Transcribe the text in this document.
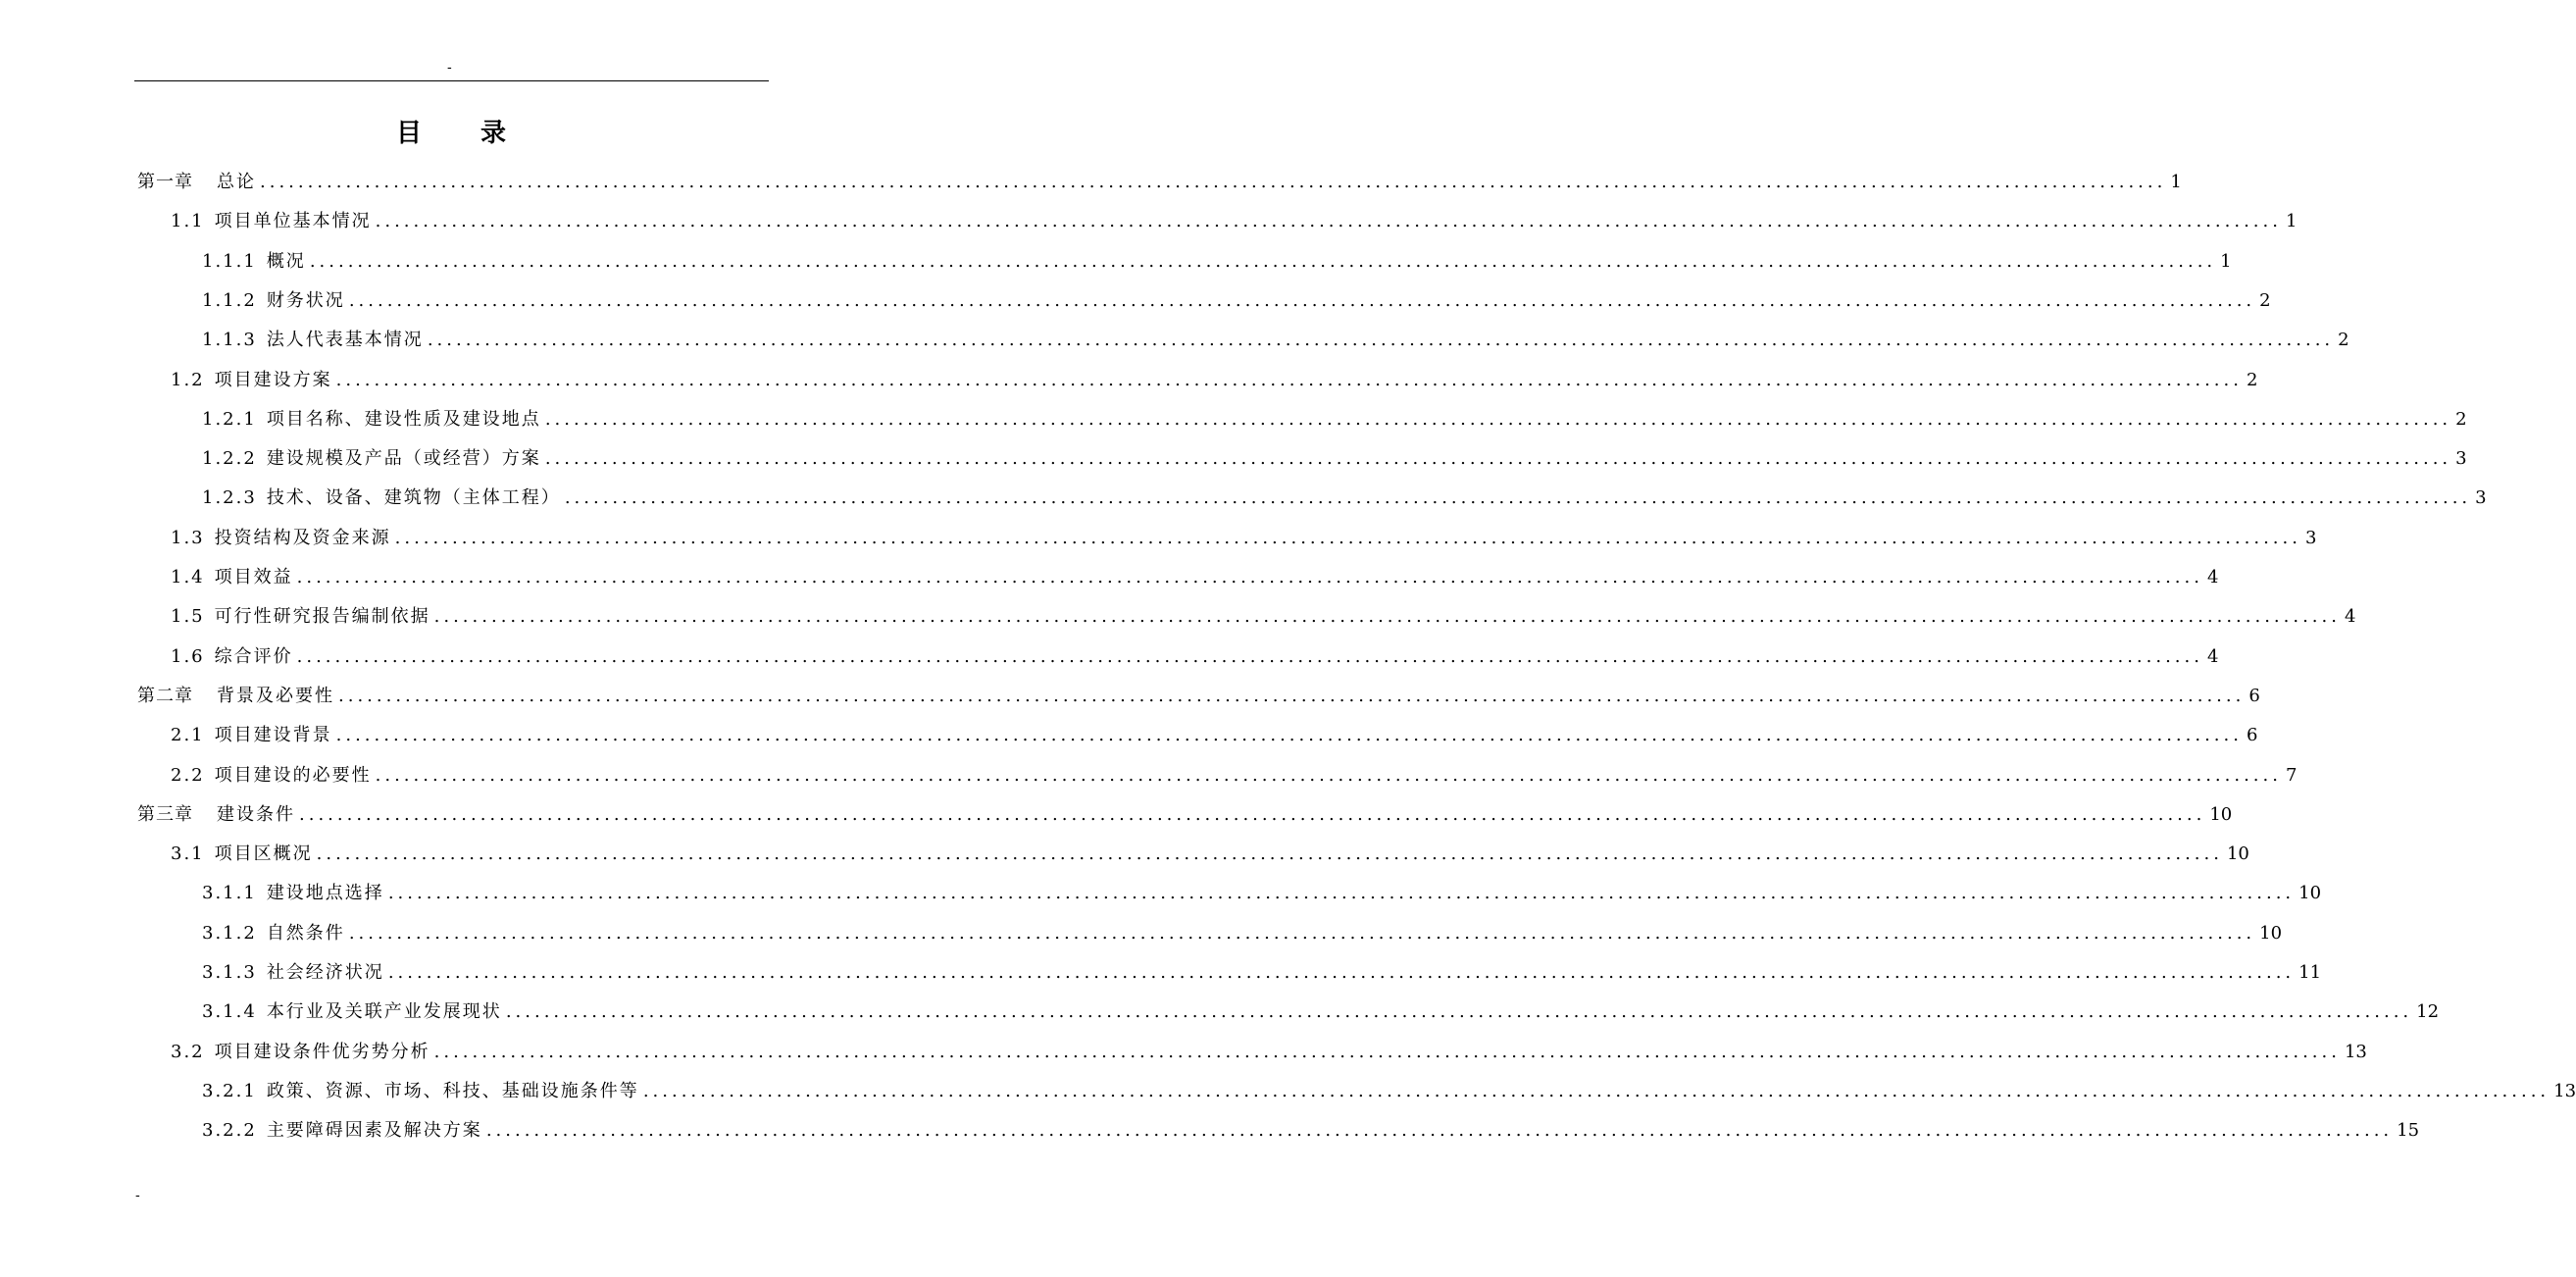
-
目录
第一章 总论 ........................................................................................................................................................................................................ 1
1.1 项目单位基本情况 ........................................................................................................................................................................................................ 1
1.1.1 概况 ........................................................................................................................................................................................................ 1
1.1.2 财务状况 ........................................................................................................................................................................................................ 2
1.1.3 法人代表基本情况 ........................................................................................................................................................................................................ 2
1.2 项目建设方案 ........................................................................................................................................................................................................ 2
1.2.1 项目名称、建设性质及建设地点 ........................................................................................................................................................................................................ 2
1.2.2 建设规模及产品（或经营）方案 ........................................................................................................................................................................................................ 3
1.2.3 技术、设备、建筑物（主体工程） ........................................................................................................................................................................................................ 3
1.3 投资结构及资金来源 ........................................................................................................................................................................................................ 3
1.4 项目效益 ........................................................................................................................................................................................................ 4
1.5 可行性研究报告编制依据 ........................................................................................................................................................................................................ 4
1.6 综合评价 ........................................................................................................................................................................................................ 4
第二章 背景及必要性 ........................................................................................................................................................................................................ 6
2.1 项目建设背景 ........................................................................................................................................................................................................ 6
2.2 项目建设的必要性 ........................................................................................................................................................................................................ 7
第三章 建设条件 ........................................................................................................................................................................................................ 10
3.1 项目区概况 ........................................................................................................................................................................................................ 10
3.1.1 建设地点选择 ........................................................................................................................................................................................................ 10
3.1.2 自然条件 ........................................................................................................................................................................................................ 10
3.1.3 社会经济状况 ........................................................................................................................................................................................................ 11
3.1.4 本行业及关联产业发展现状 ........................................................................................................................................................................................................ 12
3.2 项目建设条件优劣势分析 ........................................................................................................................................................................................................ 13
3.2.1 政策、资源、市场、科技、基础设施条件等 ........................................................................................................................................................................................................ 13
3.2.2 主要障碍因素及解决方案 ........................................................................................................................................................................................................ 15
-
